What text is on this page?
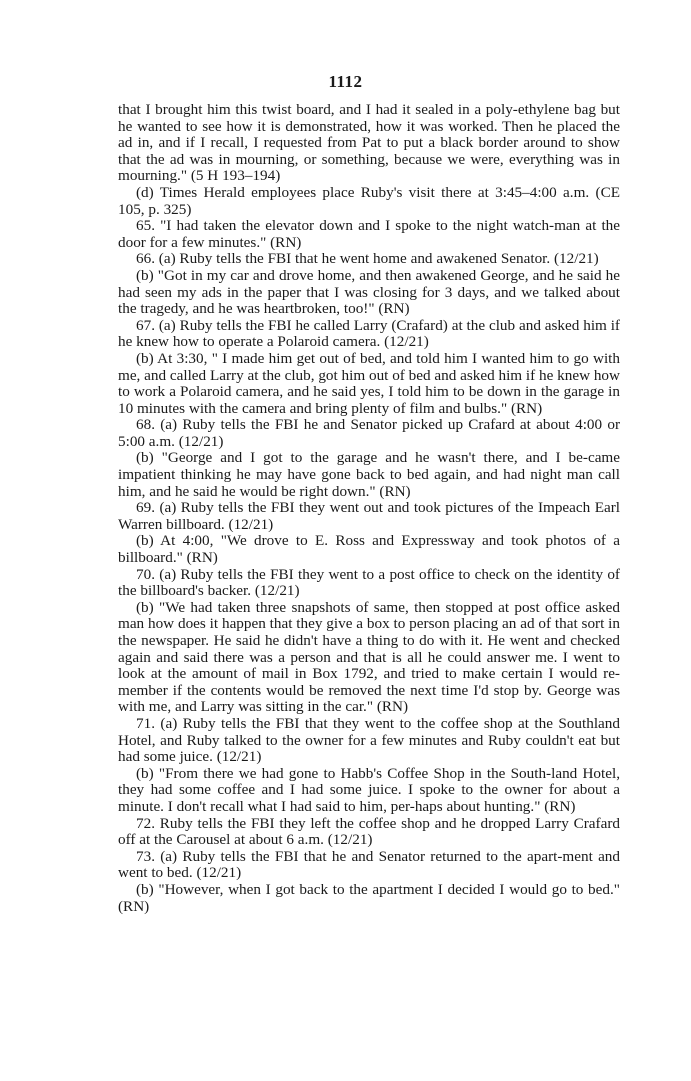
1112

that I brought him this twist board, and I had it sealed in a poly-ethylene bag but he wanted to see how it is demonstrated, how it was worked. Then he placed the ad in, and if I recall, I requested from Pat to put a black border around to show that the ad was in mourning, or something, because we were, everything was in mourning." (5 H 193–194)

(d) Times Herald employees place Ruby's visit there at 3:45–4:00 a.m. (CE 105, p. 325)

65. "I had taken the elevator down and I spoke to the night watch-man at the door for a few minutes." (RN)

66. (a) Ruby tells the FBI that he went home and awakened Senator. (12/21)

(b) "Got in my car and drove home, and then awakened George, and he said he had seen my ads in the paper that I was closing for 3 days, and we talked about the tragedy, and he was heartbroken, too!" (RN)

67. (a) Ruby tells the FBI he called Larry (Crafard) at the club and asked him if he knew how to operate a Polaroid camera. (12/21)

(b) At 3:30, " I made him get out of bed, and told him I wanted him to go with me, and called Larry at the club, got him out of bed and asked him if he knew how to work a Polaroid camera, and he said yes, I told him to be down in the garage in 10 minutes with the camera and bring plenty of film and bulbs." (RN)

68. (a) Ruby tells the FBI he and Senator picked up Crafard at about 4:00 or 5:00 a.m. (12/21)

(b) "George and I got to the garage and he wasn't there, and I be-came impatient thinking he may have gone back to bed again, and had night man call him, and he said he would be right down." (RN)

69. (a) Ruby tells the FBI they went out and took pictures of the Impeach Earl Warren billboard. (12/21)

(b) At 4:00, "We drove to E. Ross and Expressway and took photos of a billboard." (RN)

70. (a) Ruby tells the FBI they went to a post office to check on the identity of the billboard's backer. (12/21)

(b) "We had taken three snapshots of same, then stopped at post office asked man how does it happen that they give a box to person placing an ad of that sort in the newspaper. He said he didn't have a thing to do with it. He went and checked again and said there was a person and that is all he could answer me. I went to look at the amount of mail in Box 1792, and tried to make certain I would re-member if the contents would be removed the next time I'd stop by. George was with me, and Larry was sitting in the car." (RN)

71. (a) Ruby tells the FBI that they went to the coffee shop at the Southland Hotel, and Ruby talked to the owner for a few minutes and Ruby couldn't eat but had some juice. (12/21)

(b) "From there we had gone to Habb's Coffee Shop in the South-land Hotel, they had some coffee and I had some juice. I spoke to the owner for about a minute. I don't recall what I had said to him, per-haps about hunting." (RN)

72. Ruby tells the FBI they left the coffee shop and he dropped Larry Crafard off at the Carousel at about 6 a.m. (12/21)

73. (a) Ruby tells the FBI that he and Senator returned to the apart-ment and went to bed. (12/21)

(b) "However, when I got back to the apartment I decided I would go to bed." (RN)
